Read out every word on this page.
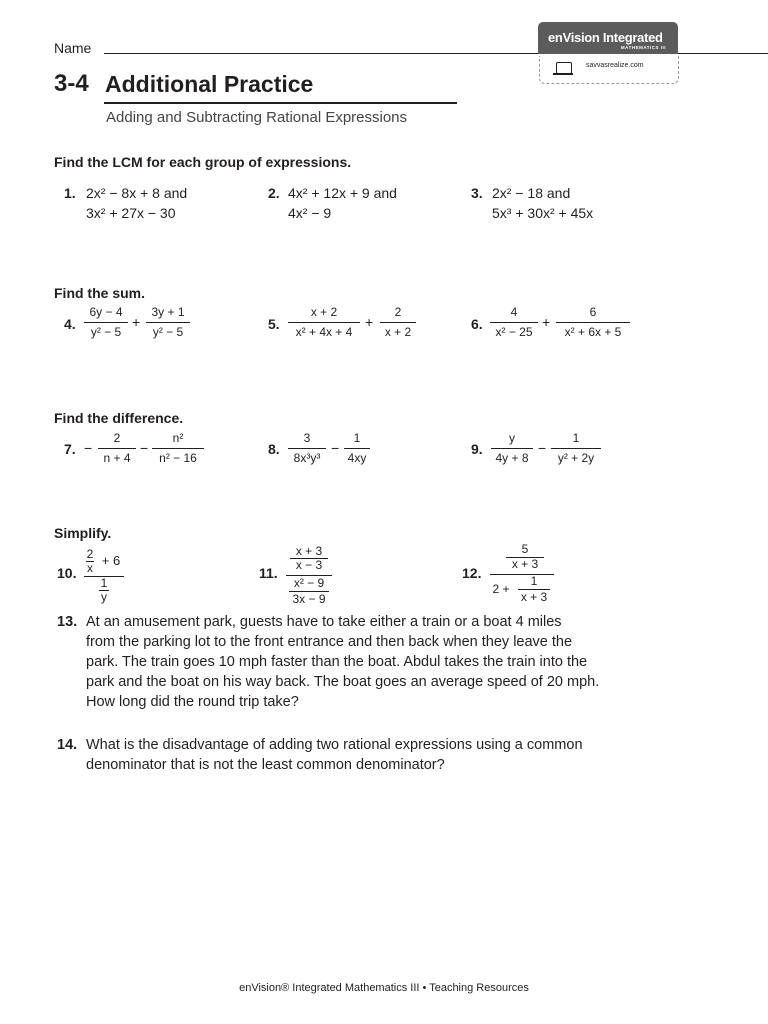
Name
enVision Integrated
MATHEMATICS III
savvasrealize.com
3-4 Additional Practice
Adding and Subtracting Rational Expressions
Find the LCM for each group of expressions.
1. 2x² − 8x + 8 and
3x² + 27x − 30
2. 4x² + 12x + 9 and
4x² − 9
3. 2x² − 18 and
5x³ + 30x² + 45x
Find the sum.
4.
6y − 4
y² − 5
+
3y + 1
y² − 5	5.
x + 2
x² + 4x + 4
+
2
x + 2	6.
4
x² − 25
+
6
x² + 6x + 5
Find the difference.
7. −
2
n + 4
−
n²
n² − 16
8.
3
8x³y³
−
1
4xy
9.
y
4y + 8
−
1
y² + 2y
Simplify.
10.
2
x + 6
1
y
11.
x + 3
x − 3
x² − 9
3x − 9
12.
5
x + 3
2 +
1
x + 3
13. At an amusement park, guests have to take either a train or a boat 4 miles
from the parking lot to the front entrance and then back when they leave the
park. The train goes 10 mph faster than the boat. Abdul takes the train into the
park and the boat on his way back. The boat goes an average speed of 20 mph.
How long did the round trip take?
14. What is the disadvantage of adding two rational expressions using a common
denominator that is not the least common denominator?
enVision® Integrated Mathematics III • Teaching Resources
